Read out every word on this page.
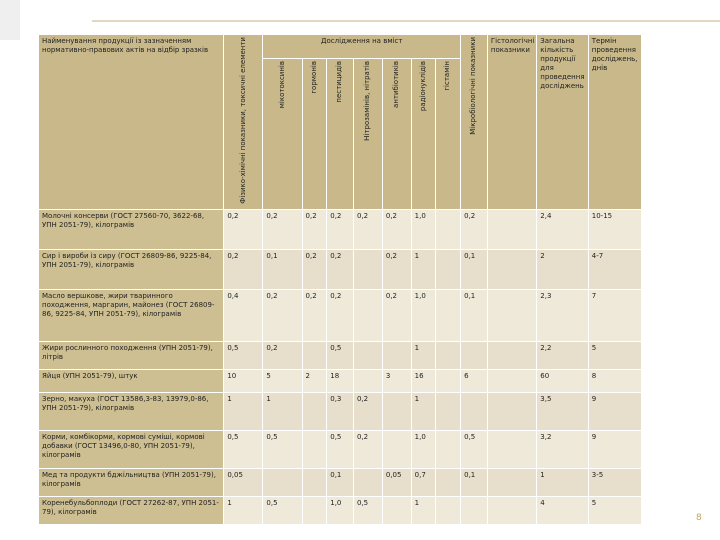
Найменування продукції із зазначенням нормативно-правових актів на відбір зразків	Фізико-хімічні показники, токсичні елементи	Дослідження на вміст							Мікробіологічні показники	Гістологічні показники	Загальна кількість продукції для проведення досліджень	Термін проведення досліджень, днів
		мікотоксинів	гормонів	пестицидів	Нітрозамінів, нітратів	антибіотиків	радіонуклідів	гістамін				
Молочні консерви (ГОСТ 27560-70, 3622-68, УПН 2051-79), кілограмів	0,2	0,2	0,2	0,2	0,2	0,2	1,0		0,2		2,4	10-15
Сир і вироби із сиру (ГОСТ 26809-86, 9225-84, УПН 2051-79), кілограмів	0,2	0,1	0,2	0,2		0,2	1		0,1		2	4-7
Масло вершкове, жири тваринного походження, маргарин, майонез (ГОСТ 26809-86, 9225-84, УПН 2051-79), кілограмів	0,4	0,2	0,2	0,2		0,2	1,0		0,1		2,3	7
Жири рослинного походження (УПН 2051-79), літрів	0,5	0,2		0,5			1				2,2	5
Яйця (УПН 2051-79), штук	10	5	2	18		3	16		6		60	8
Зерно, макуха (ГОСТ 13586,3-83, 13979,0-86, УПН 2051-79), кілограмів	1	1		0,3	0,2		1				3,5	9
Корми, комбікорми, кормові суміші, кормові добавки (ГОСТ 13496,0-80, УПН 2051-79), кілограмів	0,5	0,5		0,5	0,2		1,0		0,5		3,2	9
Мед та продукти бджільництва (УПН 2051-79), кілограмів	0,05			0,1		0,05	0,7		0,1		1	3-5
Коренебульбоплоди (ГОСТ 27262-87, УПН 2051-79), кілограмів	1	0,5		1,0	0,5		1				4	5
8
